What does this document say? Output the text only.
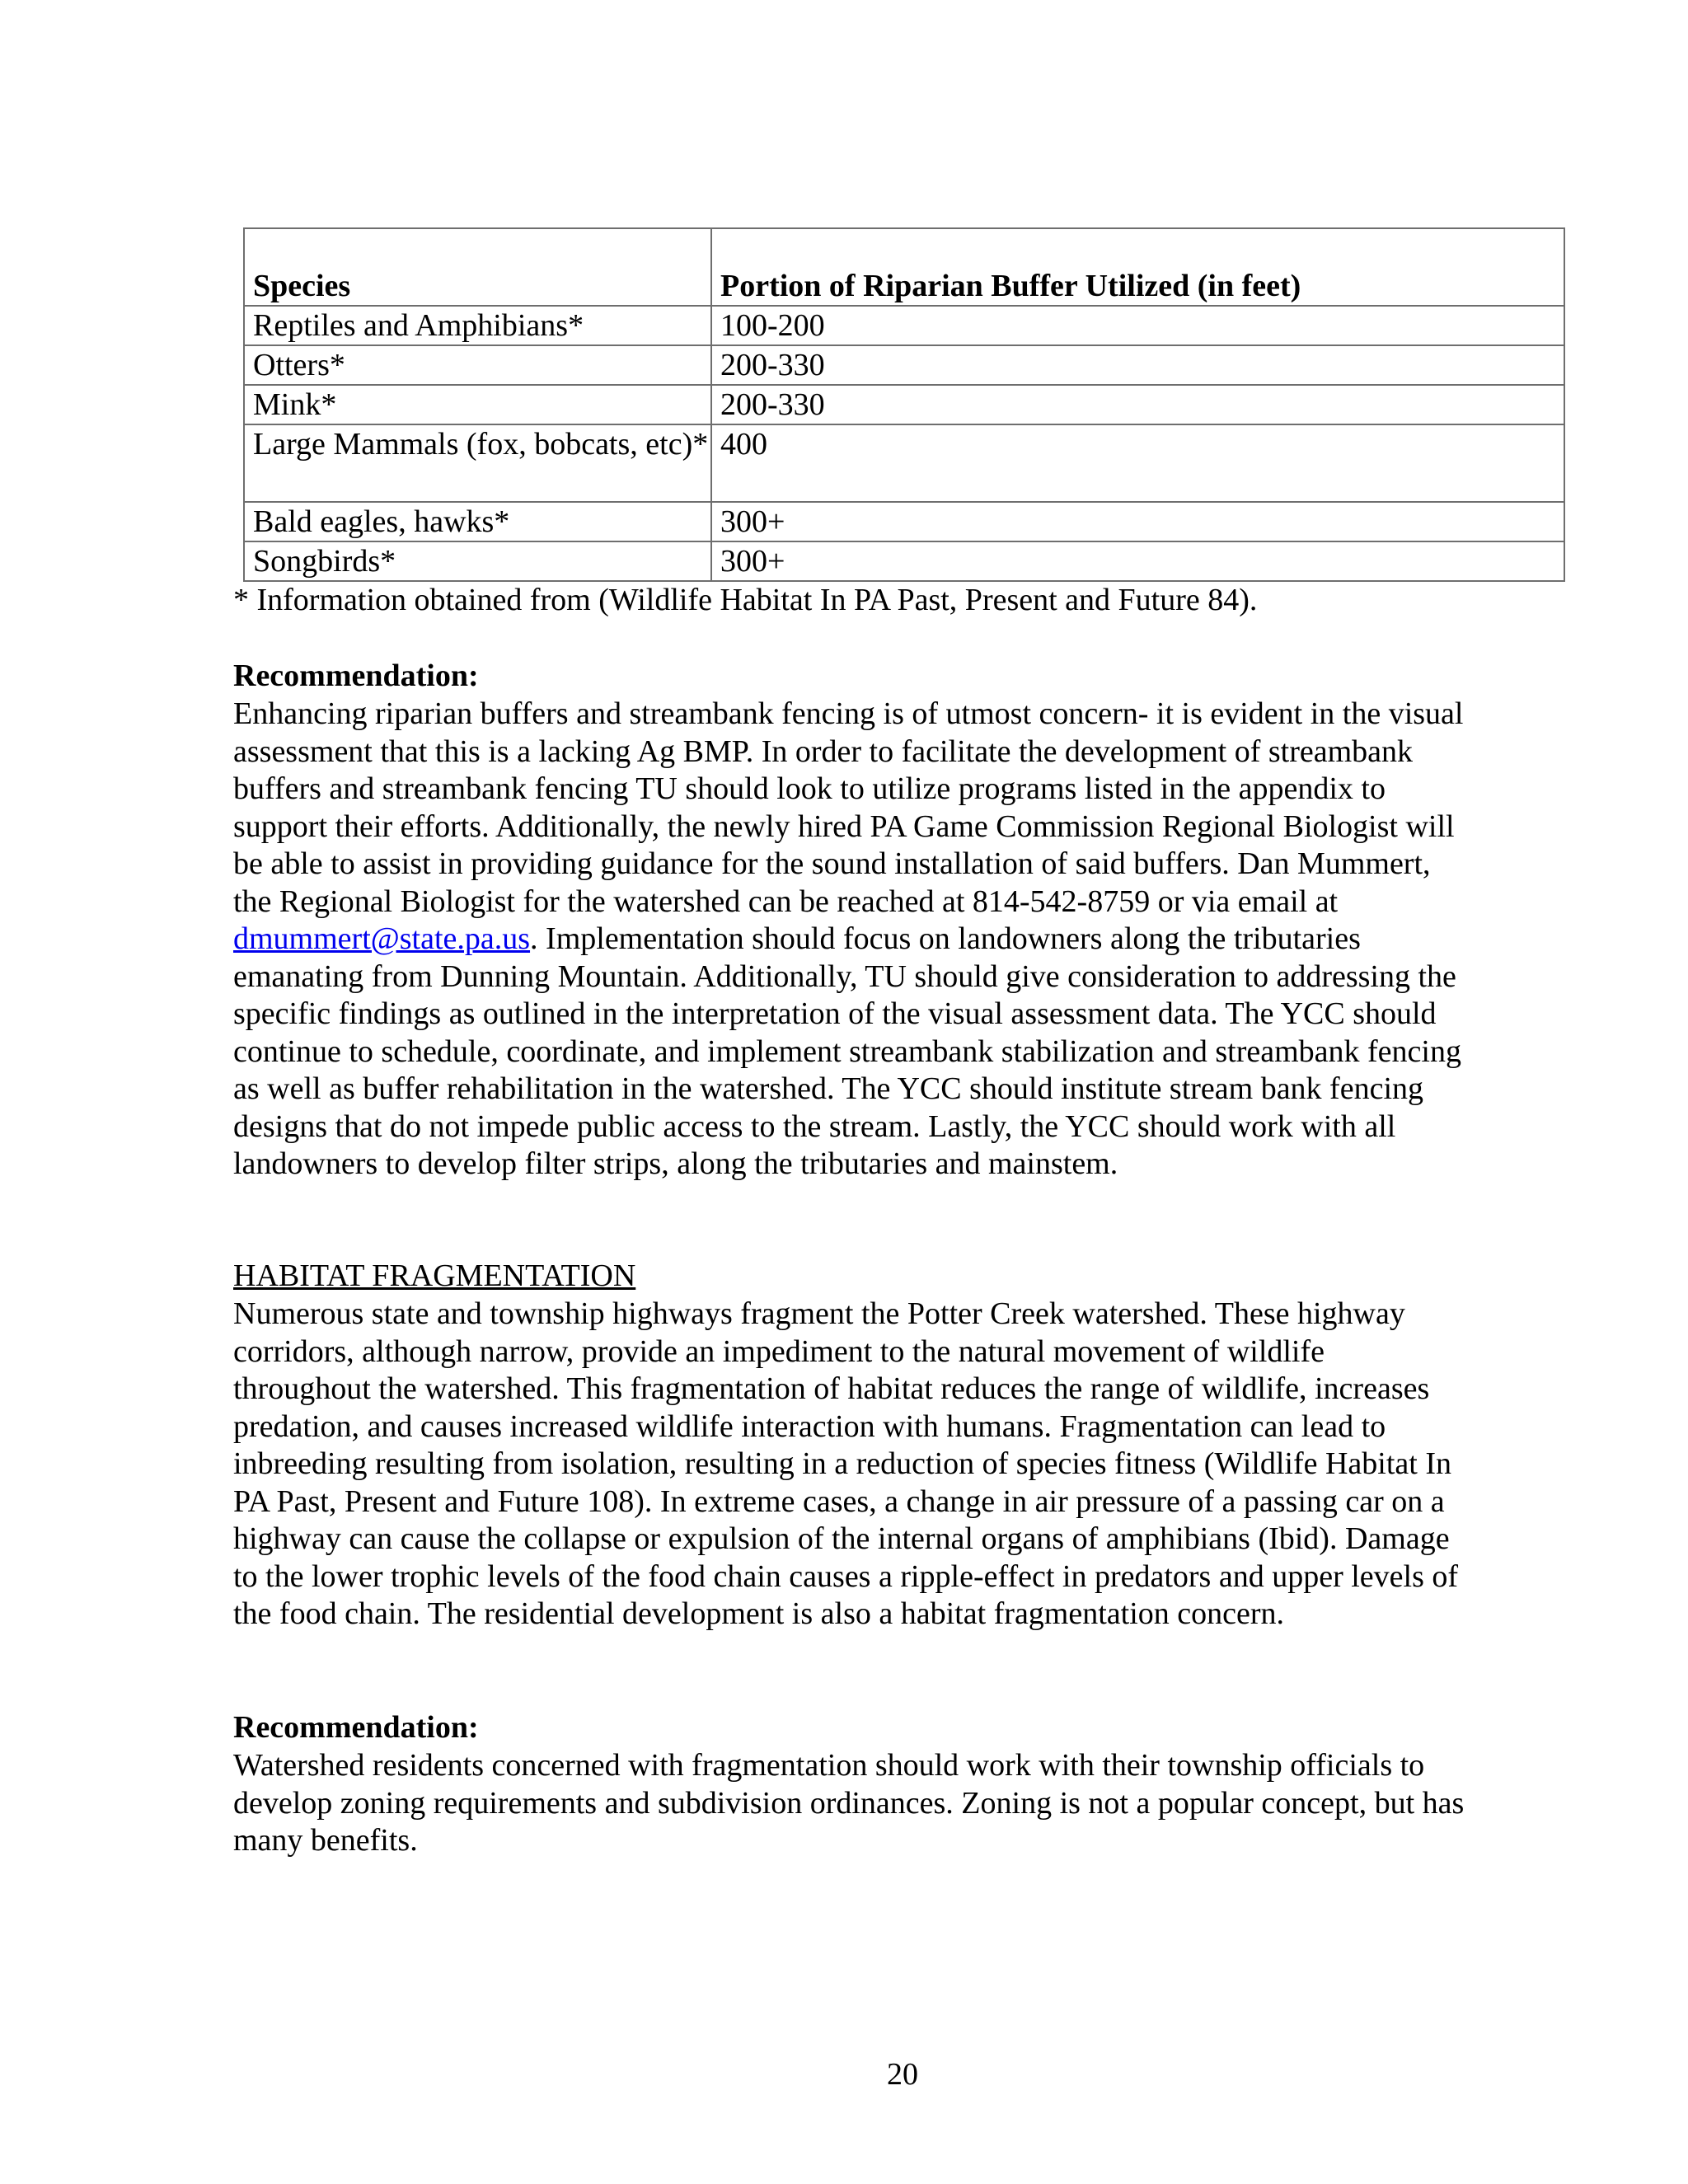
Species	Portion of Riparian Buffer Utilized (in feet)
Reptiles and Amphibians*	100-200
Otters*	200-330
Mink*	200-330
Large Mammals (fox, bobcats, etc)*	400
Bald eagles, hawks*	300+
Songbirds*	300+

* Information obtained from (Wildlife Habitat In PA Past, Present and Future 84).

Recommendation:

Enhancing riparian buffers and streambank fencing is of utmost concern- it is evident in the visual assessment that this is a lacking Ag BMP. In order to facilitate the development of streambank buffers and streambank fencing TU should look to utilize programs listed in the appendix to support their efforts. Additionally, the newly hired PA Game Commission Regional Biologist will be able to assist in providing guidance for the sound installation of said buffers. Dan Mummert, the Regional Biologist for the watershed can be reached at 814-542-8759 or via email at dmummert@state.pa.us. Implementation should focus on landowners along the tributaries emanating from Dunning Mountain. Additionally, TU should give consideration to addressing the specific findings as outlined in the interpretation of the visual assessment data. The YCC should continue to schedule, coordinate, and implement streambank stabilization and streambank fencing as well as buffer rehabilitation in the watershed. The YCC should institute stream bank fencing designs that do not impede public access to the stream. Lastly, the YCC should work with all landowners to develop filter strips, along the tributaries and mainstem.

HABITAT FRAGMENTATION

Numerous state and township highways fragment the Potter Creek watershed. These highway corridors, although narrow, provide an impediment to the natural movement of wildlife throughout the watershed. This fragmentation of habitat reduces the range of wildlife, increases predation, and causes increased wildlife interaction with humans. Fragmentation can lead to inbreeding resulting from isolation, resulting in a reduction of species fitness (Wildlife Habitat In PA Past, Present and Future 108). In extreme cases, a change in air pressure of a passing car on a highway can cause the collapse or expulsion of the internal organs of amphibians (Ibid). Damage to the lower trophic levels of the food chain causes a ripple-effect in predators and upper levels of the food chain. The residential development is also a habitat fragmentation concern.

Recommendation:

Watershed residents concerned with fragmentation should work with their township officials to develop zoning requirements and subdivision ordinances. Zoning is not a popular concept, but has many benefits.

20
